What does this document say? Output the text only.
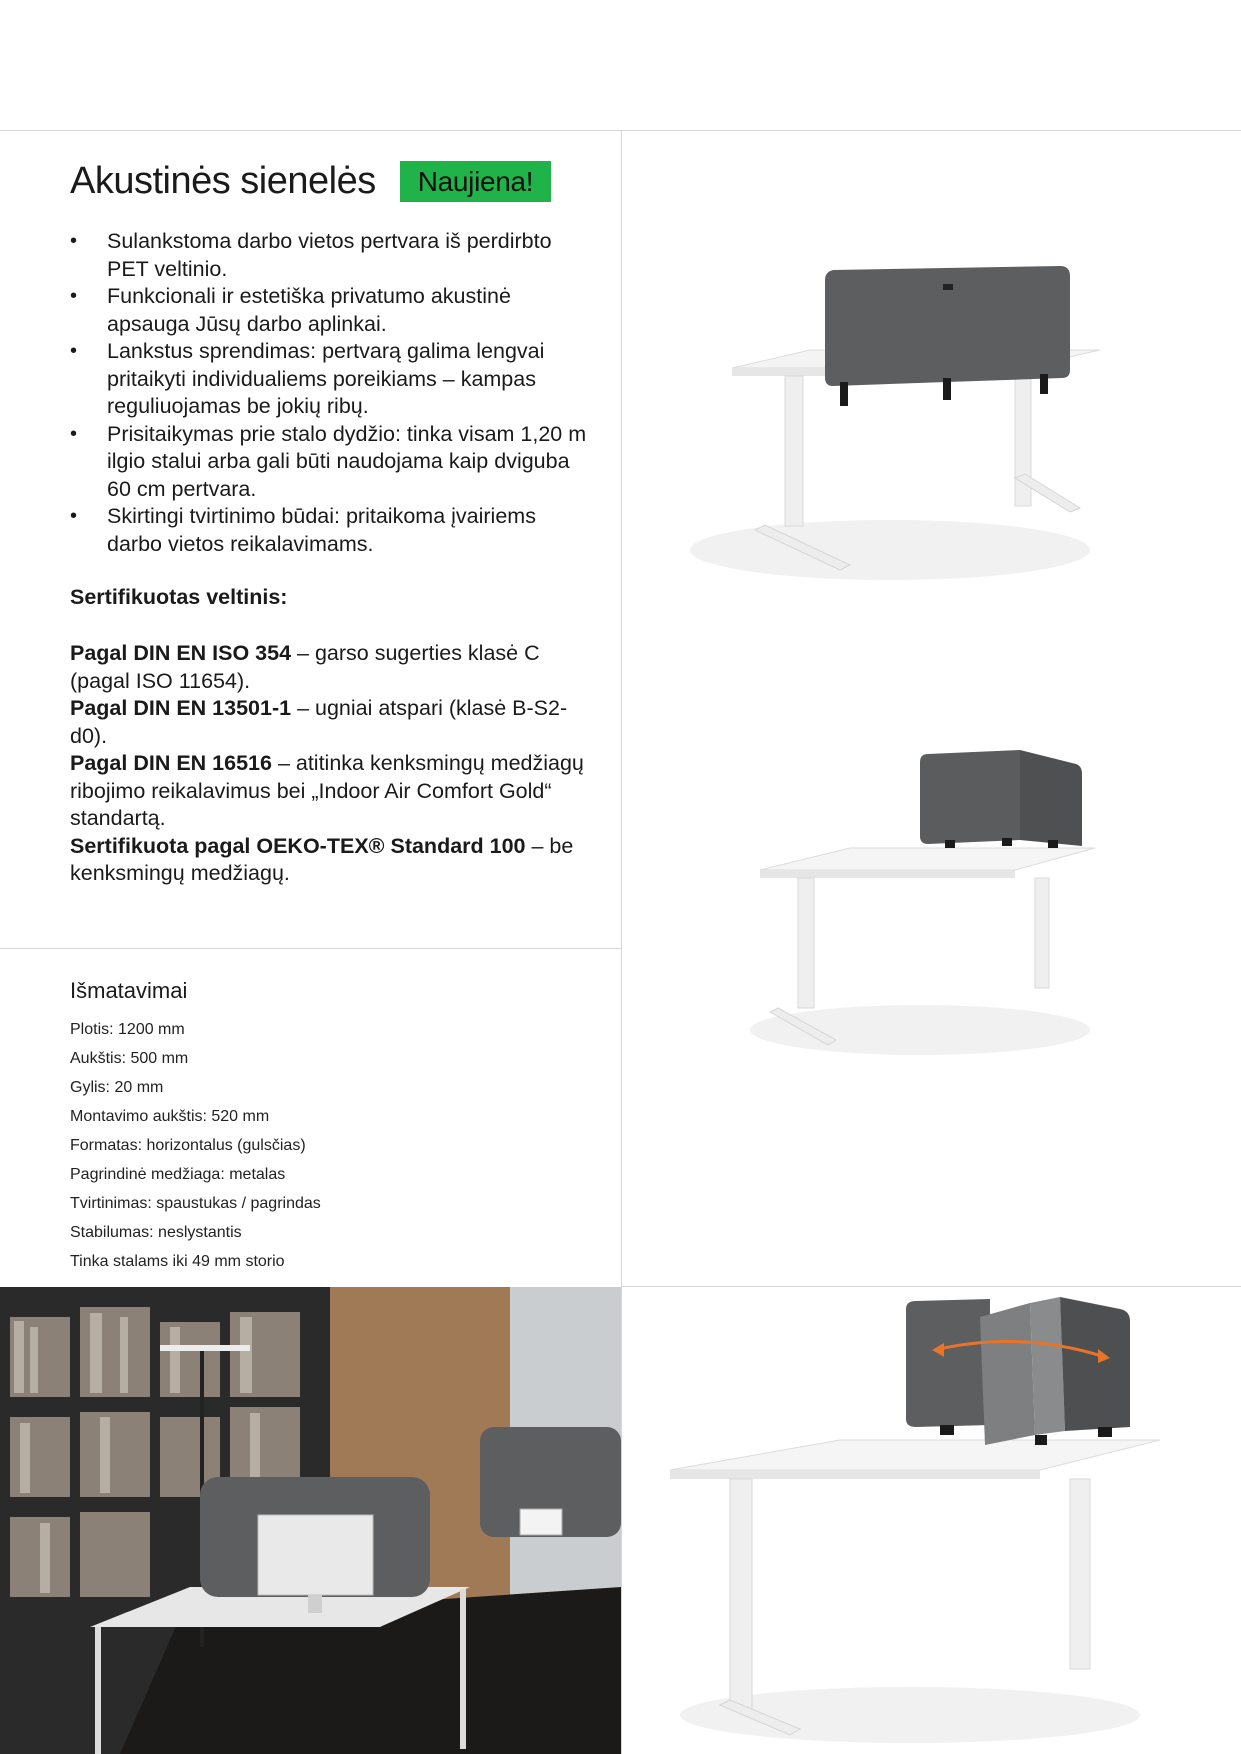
Akustinės sienelės	Naujiena!
• Sulankstoma darbo vietos pertvara iš perdirbto PET veltinio.
• Funkcionali ir estetiška privatumo akustinė apsauga Jūsų darbo aplinkai.
• Lankstus sprendimas: pertvarą galima lengvai pritaikyti individualiems poreikiams – kampas reguliuojamas be jokių ribų.
• Prisitaikymas prie stalo dydžio: tinka visam 1,20 m ilgio stalui arba gali būti naudojama kaip dviguba 60 cm pertvara.
• Skirtingi tvirtinimo būdai: pritaikoma įvairiems darbo vietos reikalavimams.
Sertifikuotas veltinis:
Pagal DIN EN ISO 354 – garso sugerties klasė C (pagal ISO 11654).
Pagal DIN EN 13501-1 – ugniai atspari (klasė B-S2-d0).
Pagal DIN EN 16516 – atitinka kenksmingų medžiagų ribojimo reikalavimus bei „Indoor Air Comfort Gold“ standartą.
Sertifikuota pagal OEKO-TEX® Standard 100 – be kenksmingų medžiagų.
Išmatavimai
Plotis: 1200 mm
Aukštis: 500 mm
Gylis: 20 mm
Montavimo aukštis: 520 mm
Formatas: horizontalus (gulsčias)
Pagrindinė medžiaga: metalas
Tvirtinimas: spaustukas / pagrindas
Stabilumas: neslystantis
Tinka stalams iki 49 mm storio
